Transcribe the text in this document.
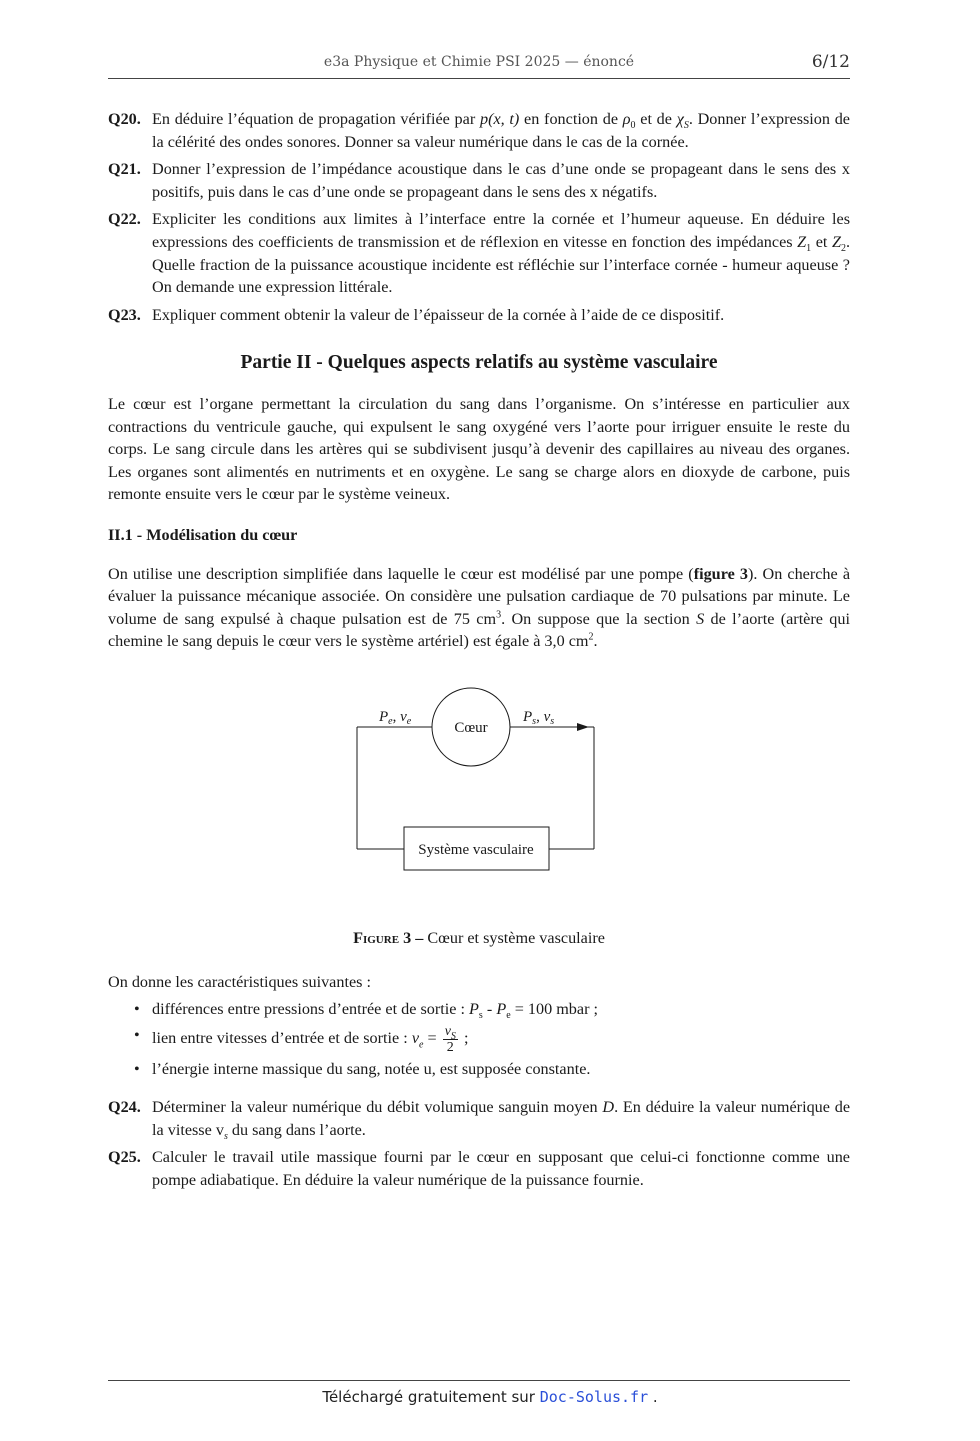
e3a Physique et Chimie PSI 2025 — énoncé	6/12
Q20. En déduire l’équation de propagation vérifiée par p(x, t) en fonction de $\rho_0$ et de $\chi_S$. Donner l’expression de la célérité des ondes sonores. Donner sa valeur numérique dans le cas de la cornée.
Q21. Donner l’expression de l’impédance acoustique dans le cas d’une onde se propageant dans le sens des x positifs, puis dans le cas d’une onde se propageant dans le sens des x négatifs.
Q22. Expliciter les conditions aux limites à l’interface entre la cornée et l’humeur aqueuse. En déduire les expressions des coefficients de transmission et de réflexion en vitesse en fonction des impédances $Z_1$ et $Z_2$. Quelle fraction de la puissance acoustique incidente est réfléchie sur l’interface cornée - humeur aqueuse ? On demande une expression littérale.
Q23. Expliquer comment obtenir la valeur de l’épaisseur de la cornée à l’aide de ce dispositif.
Partie II - Quelques aspects relatifs au système vasculaire

Le cœur est l’organe permettant la circulation du sang dans l’organisme. On s’intéresse en particulier aux contractions du ventricule gauche, qui expulsent le sang oxygéné vers l’aorte pour irriguer ensuite le reste du corps. Le sang circule dans les artères qui se subdivisent jusqu’à devenir des capillaires au niveau des organes. Les organes sont alimentés en nutriments et en oxygène. Le sang se charge alors en dioxyde de carbone, puis remonte ensuite vers le cœur par le système veineux.

II.1 - Modélisation du cœur

On utilise une description simplifiée dans laquelle le cœur est modélisé par une pompe (figure 3). On cherche à évaluer la puissance mécanique associée. On considère une pulsation cardiaque de 70 pulsations par minute. Le volume de sang expulsé à chaque pulsation est de 75 $cm^3$. On suppose que la section S de l’aorte (artère qui chemine le sang depuis le cœur vers le système artériel) est égale à 3,0 $cm^2$.

Cœur
Système vasculaire
$P_e$, $v_e$	$P_s$, $v_s$
Figure 3 – Cœur et système vasculaire

On donne les caractéristiques suivantes :

• différences entre pressions d’entrée et de sortie : $P_s - P_e = 100$ mbar ;
• lien entre vitesses d’entrée et de sortie : $v_e = \frac{v_S}{2}$ ;
• l’énergie interne massique du sang, notée u, est supposée constante.
Q24. Déterminer la valeur numérique du débit volumique sanguin moyen D. En déduire la valeur numérique de la vitesse $v_s$ du sang dans l’aorte.
Q25. Calculer le travail utile massique fourni par le cœur en supposant que celui-ci fonctionne comme une pompe adiabatique. En déduire la valeur numérique de la puissance fournie.
Téléchargé gratuitement sur Doc-Solus.fr .
